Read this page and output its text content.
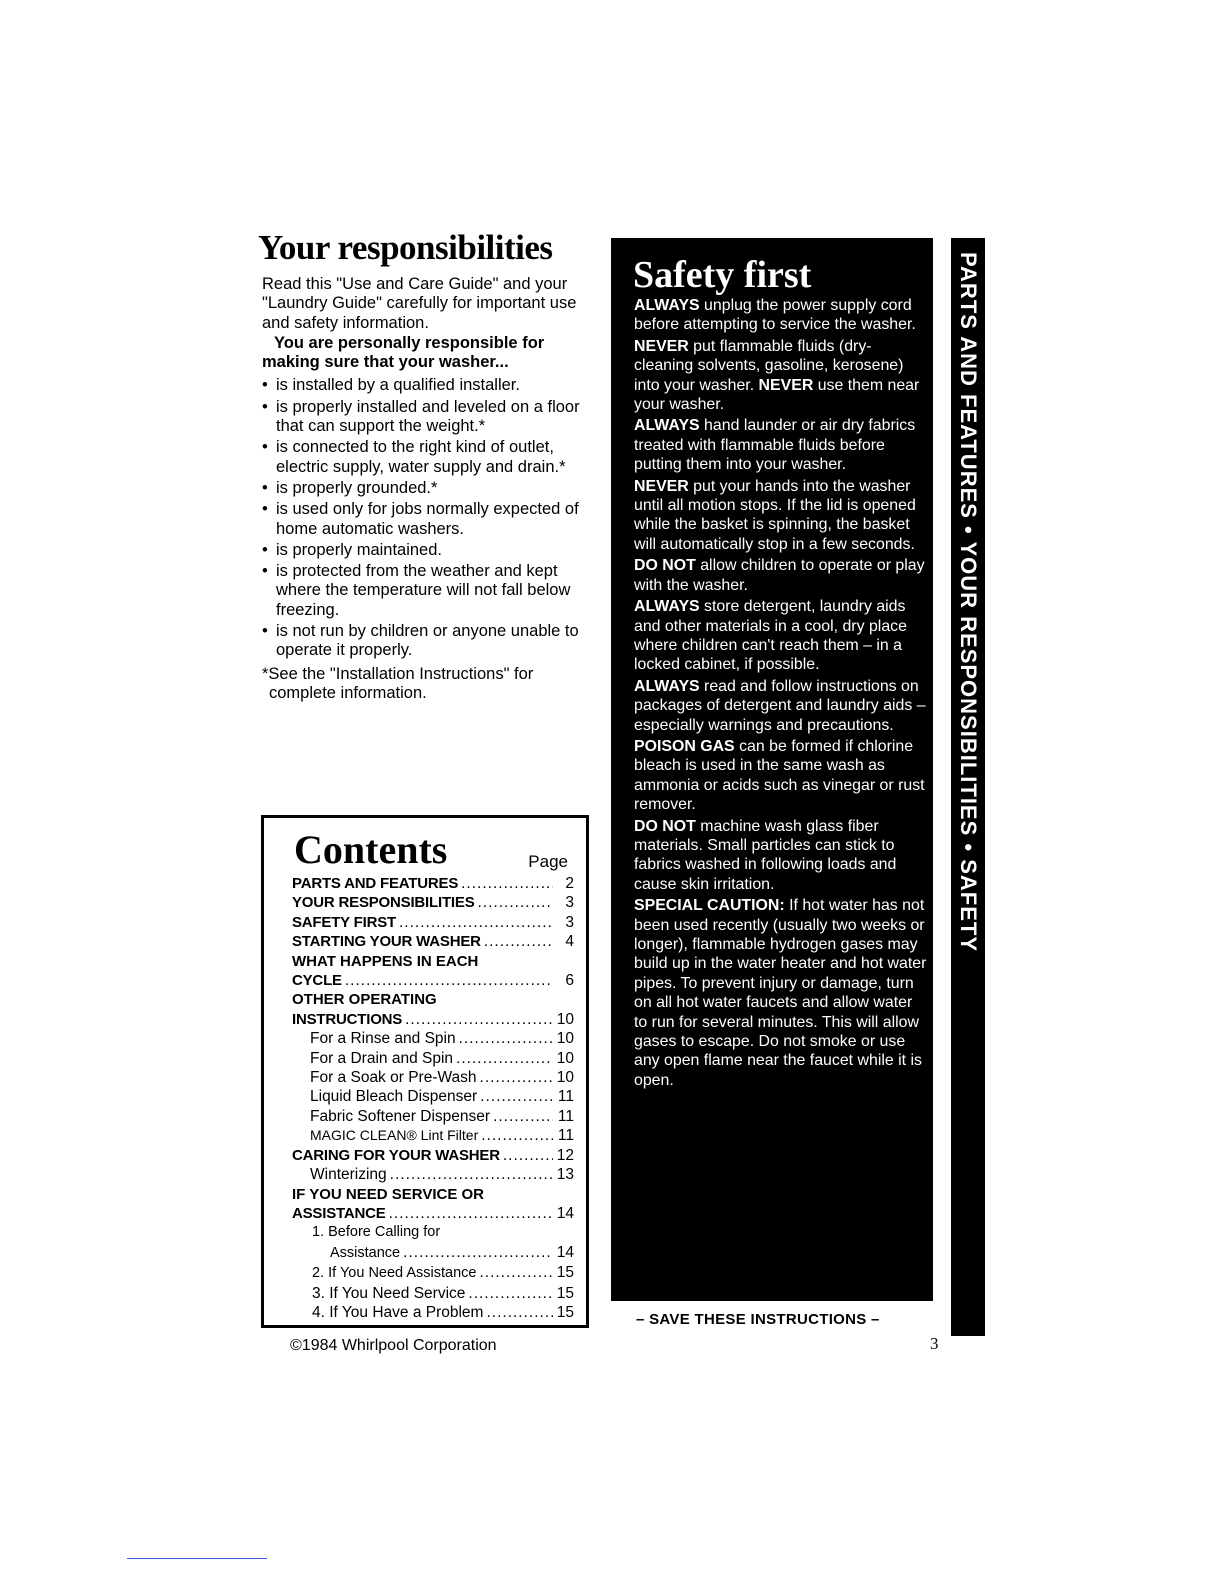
Your responsibilities

Read this "Use and Care Guide" and your "Laundry Guide" carefully for important use and safety information.

You are personally responsible for making sure that your washer...

• is installed by a qualified installer.
• is properly installed and leveled on a floor that can support the weight.*
• is connected to the right kind of outlet, electric supply, water supply and drain.*
• is properly grounded.*
• is used only for jobs normally expected of home automatic washers.
• is properly maintained.
• is protected from the weather and kept where the temperature will not fall below freezing.
• is not run by children or anyone unable to operate it properly.

*See the "Installation Instructions" for complete information.

Contents	Page
PARTS AND FEATURES .....	2
YOUR RESPONSIBILITIES .....	3
SAFETY FIRST .....	3
STARTING YOUR WASHER .....	4
WHAT HAPPENS IN EACH
CYCLE .....	6
OTHER OPERATING
INSTRUCTIONS .....	10
For a Rinse and Spin .....	10
For a Drain and Spin .....	10
For a Soak or Pre-Wash .....	10
Liquid Bleach Dispenser .....	11
Fabric Softener Dispenser .....	11
MAGIC CLEAN® Lint Filter .....	11
CARING FOR YOUR WASHER .....	12
Winterizing .....	13
IF YOU NEED SERVICE OR
ASSISTANCE .....	14
1. Before Calling for
Assistance .....	14
2. If You Need Assistance .....	15
3. If You Need Service .....	15
4. If You Have a Problem .....	15
©1984 Whirlpool Corporation
Safety first

ALWAYS unplug the power supply cord before attempting to service the washer.

NEVER put flammable fluids (dry-cleaning solvents, gasoline, kerosene) into your washer. NEVER use them near your washer.

ALWAYS hand launder or air dry fabrics treated with flammable fluids before putting them into your washer.

NEVER put your hands into the washer until all motion stops. If the lid is opened while the basket is spinning, the basket will automatically stop in a few seconds.

DO NOT allow children to operate or play with the washer.

ALWAYS store detergent, laundry aids and other materials in a cool, dry place where children can't reach them – in a locked cabinet, if possible.

ALWAYS read and follow instructions on packages of detergent and laundry aids – especially warnings and precautions.

POISON GAS can be formed if chlorine bleach is used in the same wash as ammonia or acids such as vinegar or rust remover.

DO NOT machine wash glass fiber materials. Small particles can stick to fabrics washed in following loads and cause skin irritation.

SPECIAL CAUTION: If hot water has not been used recently (usually two weeks or longer), flammable hydrogen gases may build up in the water heater and hot water pipes. To prevent injury or damage, turn on all hot water faucets and allow water to run for several minutes. This will allow gases to escape. Do not smoke or use any open flame near the faucet while it is open.

– SAVE THESE INSTRUCTIONS –
3
PARTS AND FEATURES • YOUR RESPONSIBILITIES • SAFETY
